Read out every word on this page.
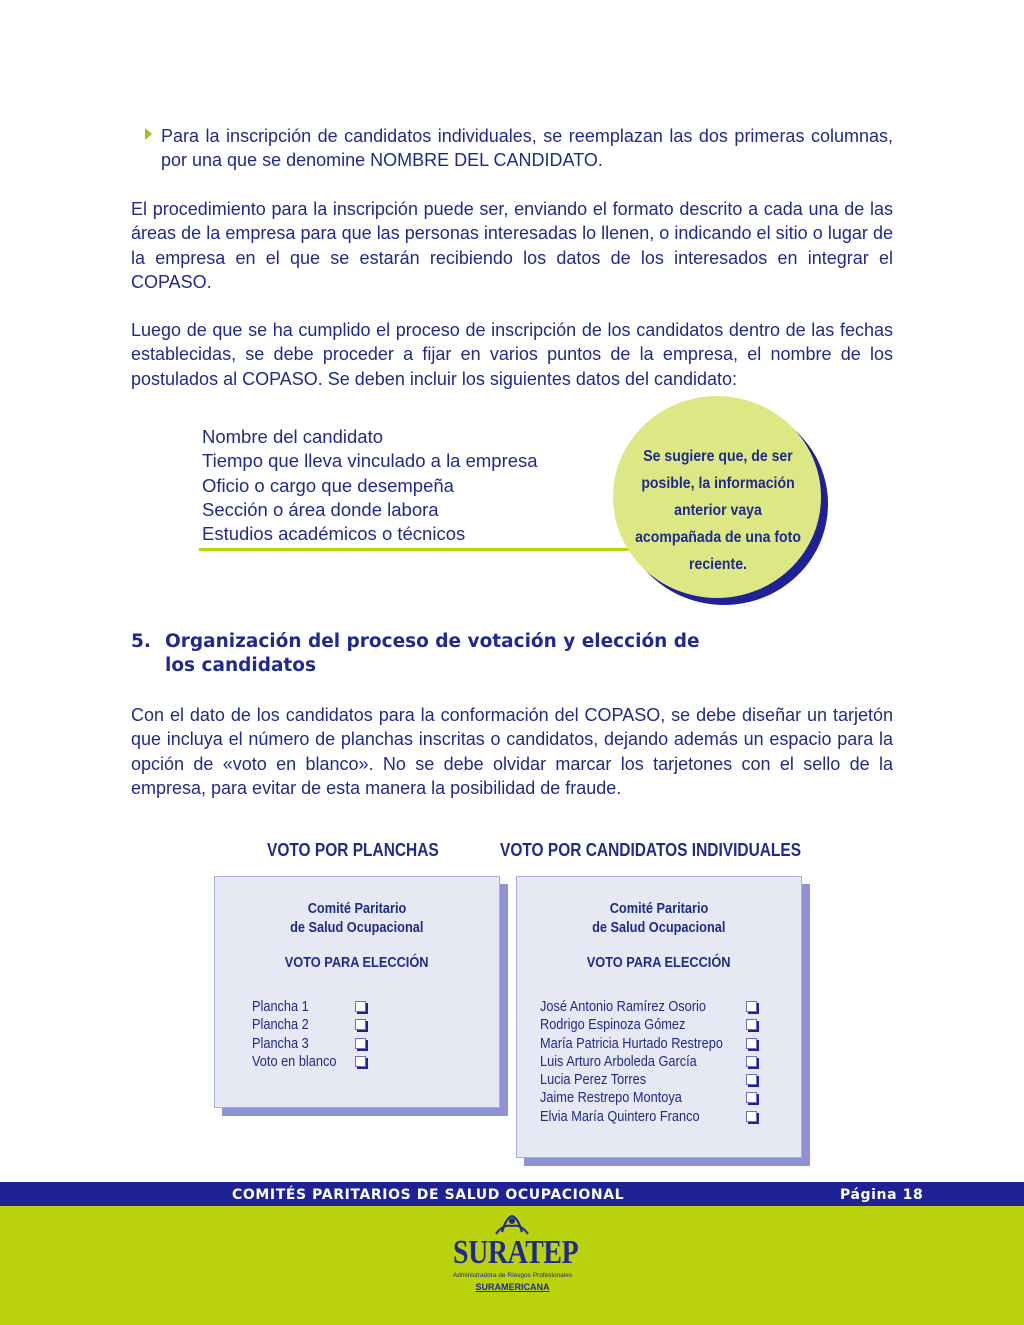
Para la inscripción de candidatos individuales, se reemplazan las dos primeras columnas, por una que se denomine NOMBRE DEL CANDIDATO.

El procedimiento para la inscripción puede ser, enviando el formato descrito a cada una de las áreas de la empresa para que las personas interesadas lo llenen, o indicando el sitio o lugar de la empresa en el que se estarán recibiendo los datos de los interesados en integrar el COPASO.

Luego de que se ha cumplido el proceso de inscripción de los candidatos dentro de las fechas establecidas, se debe proceder a fijar en varios puntos de la empresa, el nombre de los postulados al COPASO. Se deben incluir los siguientes datos del candidato:

Nombre del candidato
Tiempo que lleva vinculado a la empresa
Oficio o cargo que desempeña
Sección o área donde labora
Estudios académicos o técnicos
Se sugiere que, de ser posible, la información anterior vaya acompañada de una foto reciente.
5. Organización del proceso de votación y elección de
los candidatos

Con el dato de los candidatos para la conformación del COPASO, se debe diseñar un tarjetón que incluya el número de planchas inscritas o candidatos, dejando además un espacio para la opción de «voto en blanco». No se debe olvidar marcar los tarjetones con el sello de la empresa, para evitar de esta manera la posibilidad de fraude.

VOTO POR PLANCHAS	VOTO POR CANDIDATOS INDIVIDUALES
Comité Paritario
de Salud Ocupacional
VOTO PARA ELECCIÓN
Plancha 1
Plancha 2
Plancha 3
Voto en blanco
Comité Paritario
de Salud Ocupacional
VOTO PARA ELECCIÓN
José Antonio Ramírez Osorio
Rodrigo Espinoza Gómez
María Patricia Hurtado Restrepo
Luis Arturo Arboleda García
Lucia Perez Torres
Jaime Restrepo Montoya
Elvia María Quintero Franco
COMITÉS PARITARIOS DE SALUD OCUPACIONAL	Página 18
SURATEP
Administradora de Riesgos Profesionales
SURAMERICANA
